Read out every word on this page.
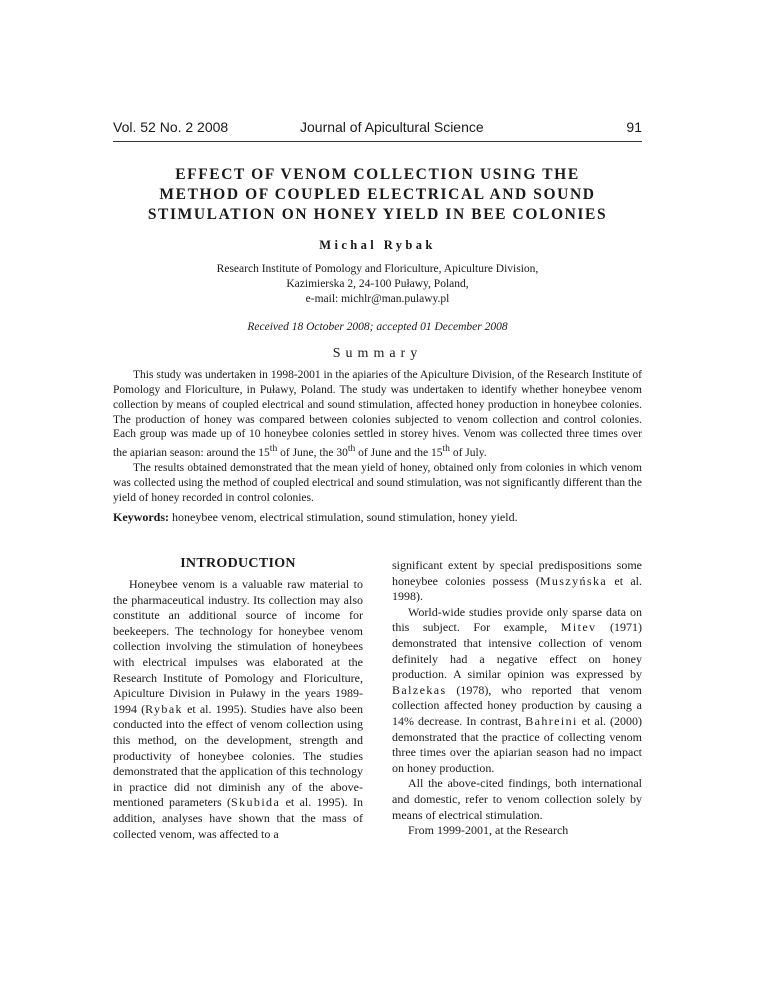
Vol. 52 No. 2 2008	Journal of Apicultural Science	91
EFFECT OF VENOM COLLECTION USING THE
METHOD OF COUPLED ELECTRICAL AND SOUND
STIMULATION ON HONEY YIELD IN BEE COLONIES
Michal Rybak
Research Institute of Pomology and Floriculture, Apiculture Division,
Kazimierska 2, 24-100 Puławy, Poland,
e-mail: michlr@man.pulawy.pl
Received 18 October 2008; accepted 01 December 2008
Summary

This study was undertaken in 1998-2001 in the apiaries of the Apiculture Division, of the Research Institute of Pomology and Floriculture, in Puławy, Poland. The study was undertaken to identify whether honeybee venom collection by means of coupled electrical and sound stimulation, affected honey production in honeybee colonies. The production of honey was compared between colonies subjected to venom collection and control colonies. Each group was made up of 10 honeybee colonies settled in storey hives. Venom was collected three times over the apiarian season: around the 15th of June, the 30th of June and the 15th of July.

The results obtained demonstrated that the mean yield of honey, obtained only from colonies in which venom was collected using the method of coupled electrical and sound stimulation, was not significantly different than the yield of honey recorded in control colonies.

Keywords: honeybee venom, electrical stimulation, sound stimulation, honey yield.
INTRODUCTION

Honeybee venom is a valuable raw material to the pharmaceutical industry. Its collection may also constitute an additional source of income for beekeepers. The technology for honeybee venom collection involving the stimulation of honeybees with electrical impulses was elaborated at the Research Institute of Pomology and Floriculture, Apiculture Division in Puławy in the years 1989-1994 (Rybak et al. 1995). Studies have also been conducted into the effect of venom collection using this method, on the development, strength and productivity of honeybee colonies. The studies demonstrated that the application of this technology in practice did not diminish any of the above-mentioned parameters (Skubida et al. 1995). In addition, analyses have shown that the mass of collected venom, was affected to a

significant extent by special predispositions some honeybee colonies possess (Muszyńska et al. 1998).

World-wide studies provide only sparse data on this subject. For example, Mitev (1971) demonstrated that intensive collection of venom definitely had a negative effect on honey production. A similar opinion was expressed by Balzekas (1978), who reported that venom collection affected honey production by causing a 14% decrease. In contrast, Bahreini et al. (2000) demonstrated that the practice of collecting venom three times over the apiarian season had no impact on honey production.

All the above-cited findings, both international and domestic, refer to venom collection solely by means of electrical stimulation.

From 1999-2001, at the Research
